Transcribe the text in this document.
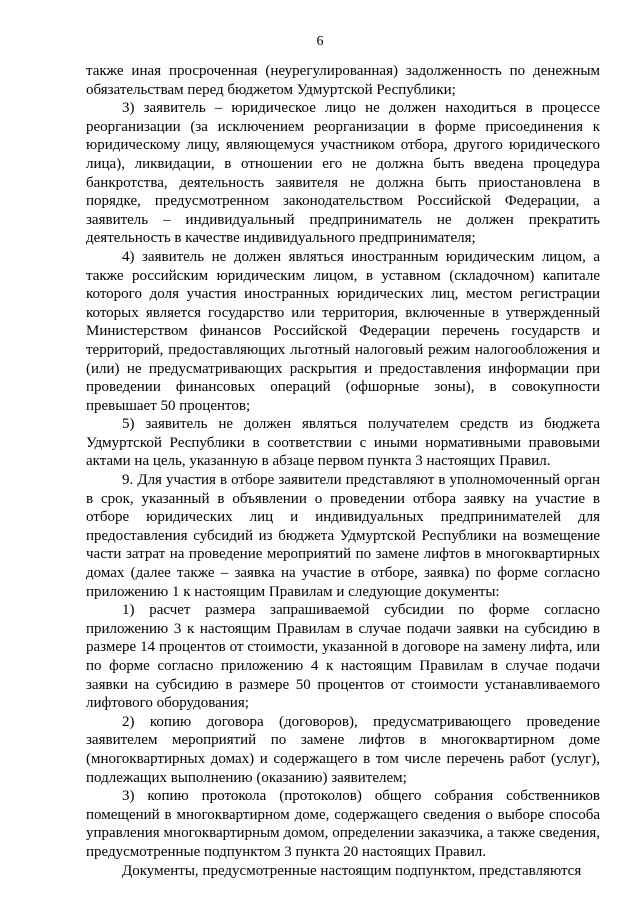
6

также иная просроченная (неурегулированная) задолженность по денежным обязательствам перед бюджетом Удмуртской Республики;

3) заявитель – юридическое лицо не должен находиться в процессе реорганизации (за исключением реорганизации в форме присоединения к юридическому лицу, являющемуся участником отбора, другого юридического лица), ликвидации, в отношении его не должна быть введена процедура банкротства, деятельность заявителя не должна быть приостановлена в порядке, предусмотренном законодательством Российской Федерации, а заявитель – индивидуальный предприниматель не должен прекратить деятельность в качестве индивидуального предпринимателя;

4) заявитель не должен являться иностранным юридическим лицом, а также российским юридическим лицом, в уставном (складочном) капитале которого доля участия иностранных юридических лиц, местом регистрации которых является государство или территория, включенные в утвержденный Министерством финансов Российской Федерации перечень государств и территорий, предоставляющих льготный налоговый режим налогообложения и (или) не предусматривающих раскрытия и предоставления информации при проведении финансовых операций (офшорные зоны), в совокупности превышает 50 процентов;

5) заявитель не должен являться получателем средств из бюджета Удмуртской Республики в соответствии с иными нормативными правовыми актами на цель, указанную в абзаце первом пункта 3 настоящих Правил.

9. Для участия в отборе заявители представляют в уполномоченный орган в срок, указанный в объявлении о проведении отбора заявку на участие в отборе юридических лиц и индивидуальных предпринимателей для предоставления субсидий из бюджета Удмуртской Республики на возмещение части затрат на проведение мероприятий по замене лифтов в многоквартирных домах (далее также – заявка на участие в отборе, заявка) по форме согласно приложению 1 к настоящим Правилам и следующие документы:

1) расчет размера запрашиваемой субсидии по форме согласно приложению 3 к настоящим Правилам в случае подачи заявки на субсидию в размере 14 процентов от стоимости, указанной в договоре на замену лифта, или по форме согласно приложению 4 к настоящим Правилам в случае подачи заявки на субсидию в размере 50 процентов от стоимости устанавливаемого лифтового оборудования;

2) копию договора (договоров), предусматривающего проведение заявителем мероприятий по замене лифтов в многоквартирном доме (многоквартирных домах) и содержащего в том числе перечень работ (услуг), подлежащих выполнению (оказанию) заявителем;

3) копию протокола (протоколов) общего собрания собственников помещений в многоквартирном доме, содержащего сведения о выборе способа управления многоквартирным домом, определении заказчика, а также сведения, предусмотренные подпунктом 3 пункта 20 настоящих Правил.

Документы, предусмотренные настоящим подпунктом, представляются
